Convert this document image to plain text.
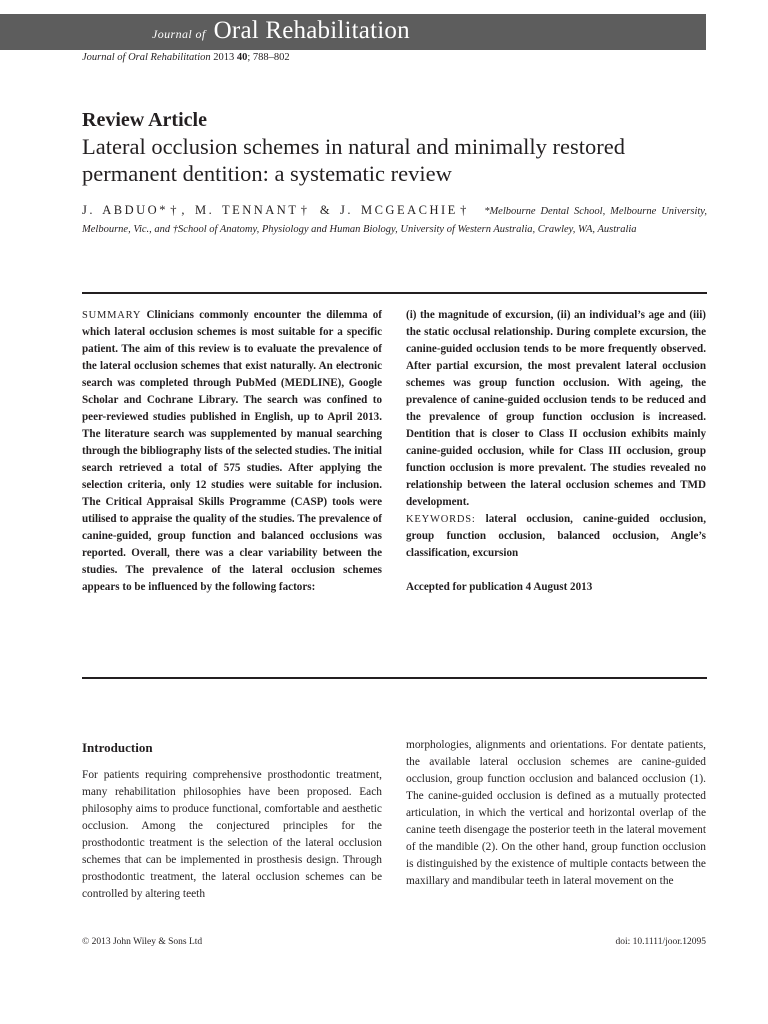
Journal of Oral Rehabilitation
Journal of Oral Rehabilitation 2013 40; 788–802
Review Article
Lateral occlusion schemes in natural and minimally restored permanent dentition: a systematic review
J. ABDUO*†, M. TENNANT† & J. MCGEACHIE† *Melbourne Dental School, Melbourne University, Melbourne, Vic., and †School of Anatomy, Physiology and Human Biology, University of Western Australia, Crawley, WA, Australia

SUMMARY Clinicians commonly encounter the dilemma of which lateral occlusion schemes is most suitable for a specific patient. The aim of this review is to evaluate the prevalence of the lateral occlusion schemes that exist naturally. An electronic search was completed through PubMed (MEDLINE), Google Scholar and Cochrane Library. The search was confined to peer-reviewed studies published in English, up to April 2013. The literature search was supplemented by manual searching through the bibliography lists of the selected studies. The initial search retrieved a total of 575 studies. After applying the selection criteria, only 12 studies were suitable for inclusion. The Critical Appraisal Skills Programme (CASP) tools were utilised to appraise the quality of the studies. The prevalence of canine-guided, group function and balanced occlusions was reported. Overall, there was a clear variability between the studies. The prevalence of the lateral occlusion schemes appears to be influenced by the following factors:

(i) the magnitude of excursion, (ii) an individual’s age and (iii) the static occlusal relationship. During complete excursion, the canine-guided occlusion tends to be more frequently observed. After partial excursion, the most prevalent lateral occlusion schemes was group function occlusion. With ageing, the prevalence of canine-guided occlusion tends to be reduced and the prevalence of group function occlusion is increased. Dentition that is closer to Class II occlusion exhibits mainly canine-guided occlusion, while for Class III occlusion, group function occlusion is more prevalent. The studies revealed no relationship between the lateral occlusion schemes and TMD development.

KEYWORDS: lateral occlusion, canine-guided occlusion, group function occlusion, balanced occlusion, Angle’s classification, excursion

Accepted for publication 4 August 2013

Introduction

For patients requiring comprehensive prosthodontic treatment, many rehabilitation philosophies have been proposed. Each philosophy aims to produce functional, comfortable and aesthetic occlusion. Among the conjectured principles for the prosthodontic treatment is the selection of the lateral occlusion schemes that can be implemented in prosthesis design. Through prosthodontic treatment, the lateral occlusion schemes can be controlled by altering teeth

morphologies, alignments and orientations. For dentate patients, the available lateral occlusion schemes are canine-guided occlusion, group function occlusion and balanced occlusion (1). The canine-guided occlusion is defined as a mutually protected articulation, in which the vertical and horizontal overlap of the canine teeth disengage the posterior teeth in the lateral movement of the mandible (2). On the other hand, group function occlusion is distinguished by the existence of multiple contacts between the maxillary and mandibular teeth in lateral movement on the

© 2013 John Wiley & Sons Ltd	doi: 10.1111/joor.12095
